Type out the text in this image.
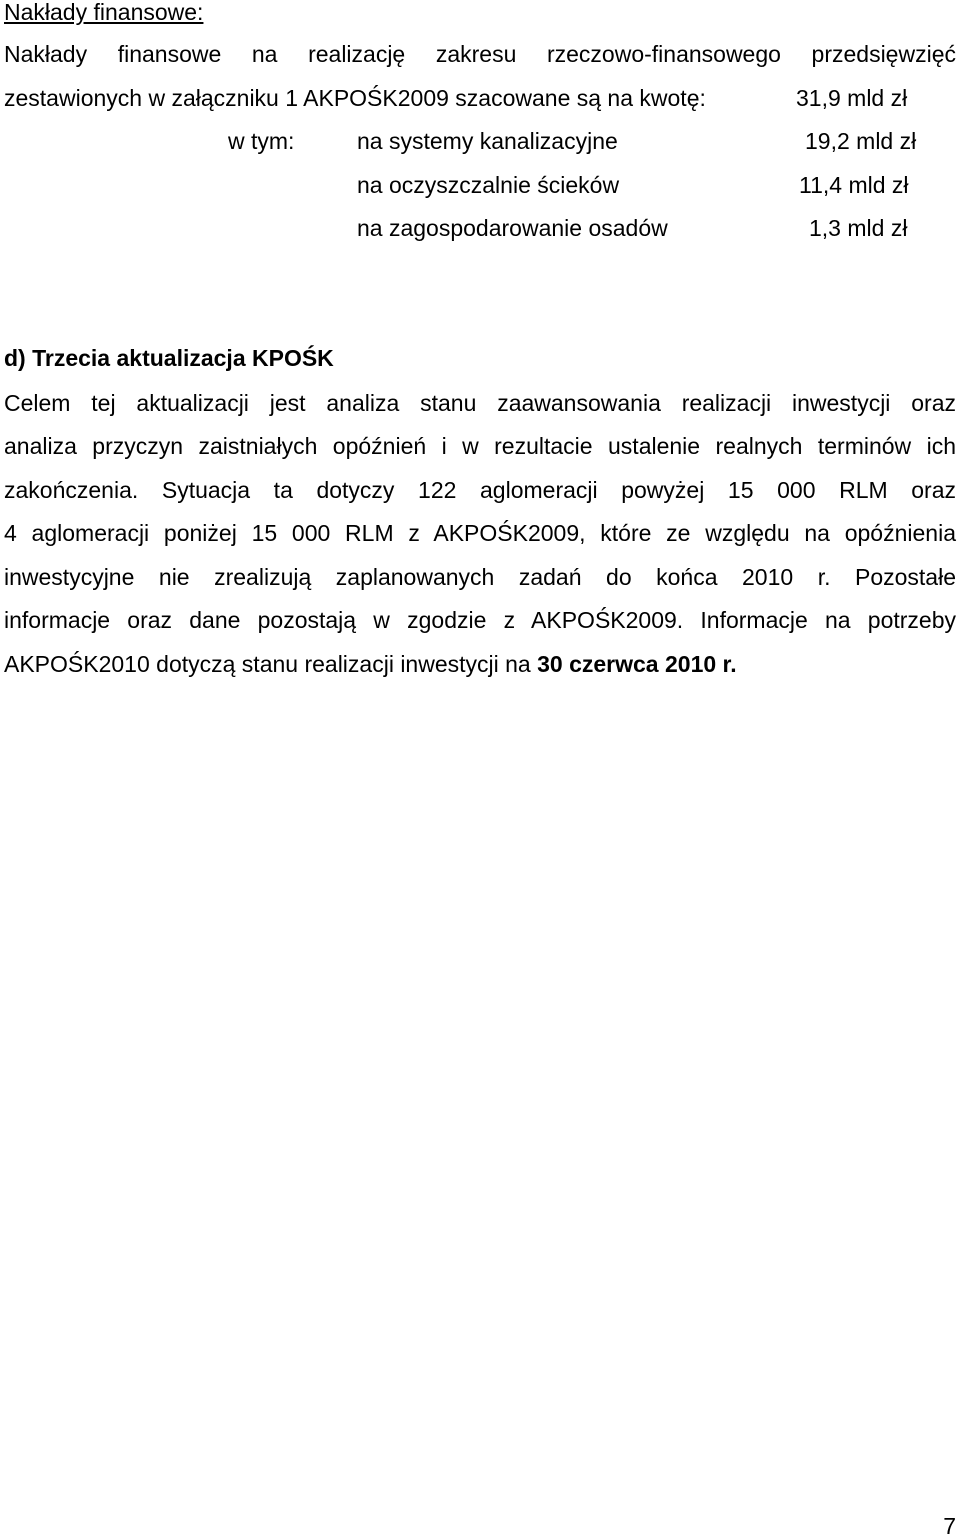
Nakłady finansowe:
Nakłady finansowe na realizację zakresu rzeczowo-finansowego przedsięwzięć
zestawionych w załączniku 1 AKPOŚK2009 szacowane są na kwotę:	31,9 mld zł
w tym:	na systemy kanalizacyjne	19,2 mld zł
na oczyszczalnie ścieków	11,4 mld zł
na zagospodarowanie osadów	1,3 mld zł
d) Trzecia aktualizacja KPOŚK
Celem tej aktualizacji jest analiza stanu zaawansowania realizacji inwestycji oraz
analiza przyczyn zaistniałych opóźnień i w rezultacie ustalenie realnych terminów ich
zakończenia. Sytuacja ta dotyczy 122 aglomeracji powyżej 15 000 RLM oraz
4 aglomeracji poniżej 15 000 RLM z AKPOŚK2009, które ze względu na opóźnienia
inwestycyjne nie zrealizują zaplanowanych zadań do końca 2010 r. Pozostałe
informacje oraz dane pozostają w zgodzie z AKPOŚK2009. Informacje na potrzeby
AKPOŚK2010 dotyczą stanu realizacji inwestycji na 30 czerwca 2010 r.
7
